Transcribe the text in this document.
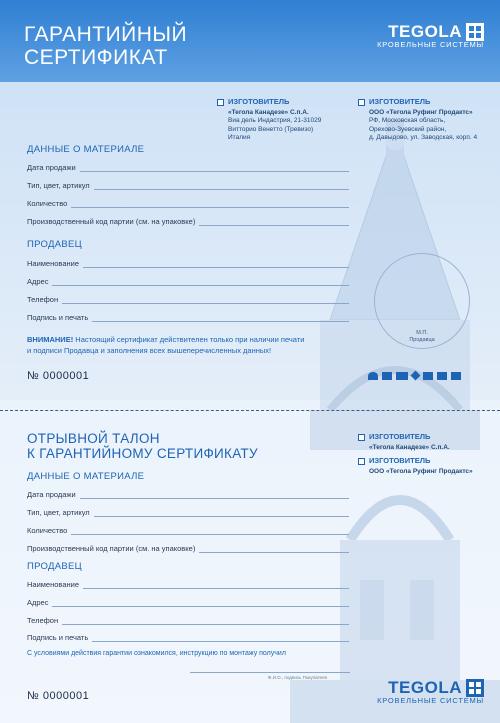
ГАРАНТИЙНЫЙ
СЕРТИФИКАТ
TEGOLA
КРОВЕЛЬНЫЕ СИСТЕМЫ
ИЗГОТОВИТЕЛЬ
«Тегола Канадезе» С.п.А.
Виа дель Индастрия, 21-31029
Витторио Венетто (Тревизо)
Италия
ИЗГОТОВИТЕЛЬ
ООО «Тегола Руфинг Продактс»
РФ, Московская область,
Орехово-Зуевский район,
д. Давыдово, ул. Заводская, корп. 4
ДАННЫЕ О МАТЕРИАЛЕ
Дата продажи
Тип, цвет, артикул
Количество
Производственный код партии (см. на упаковке)
ПРОДАВЕЦ
Наименование
Адрес
Телефон
Подпись и печать
ВНИМАНИЕ! Настоящий сертификат действителен только при наличии печати и подписи Продавца и заполнения всех вышеперечисленных данных!
М.П.
Продавца
№ 0000001
ОТРЫВНОЙ ТАЛОН
К ГАРАНТИЙНОМУ СЕРТИФИКАТУ
ИЗГОТОВИТЕЛЬ
«Тегола Канадезе» С.п.А.
ИЗГОТОВИТЕЛЬ
ООО «Тегола Руфинг Продактс»
ДАННЫЕ О МАТЕРИАЛЕ
Дата продажи
Тип, цвет, артикул
Количество
Производственный код партии (см. на упаковке)
ПРОДАВЕЦ
Наименование
Адрес
Телефон
Подпись и печать
С условиями действия гарантии ознакомился, инструкцию по монтажу получил
Ф.И.О., подпись Покупателя
№ 0000001	TEGOLA
КРОВЕЛЬНЫЕ СИСТЕМЫ
